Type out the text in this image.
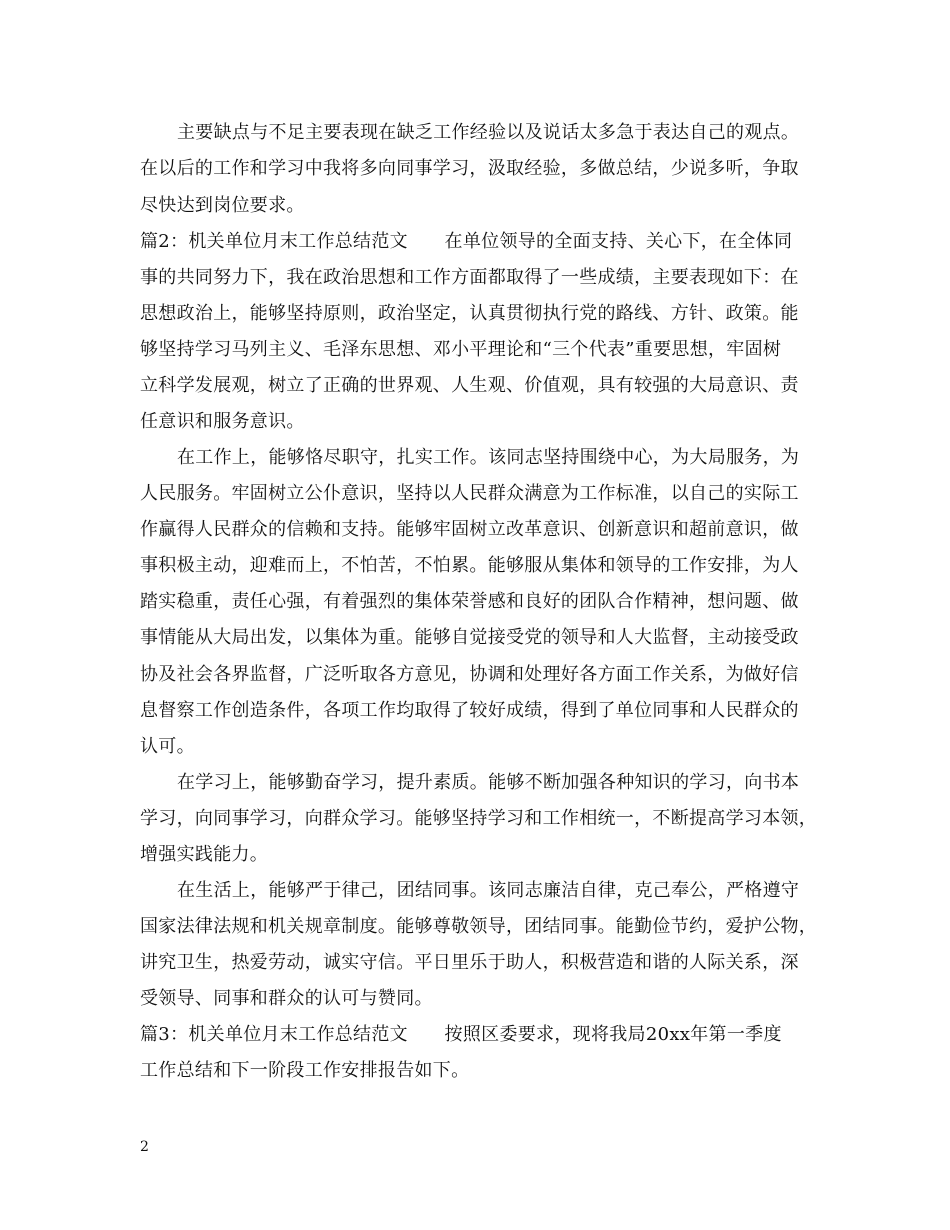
主要缺点与不足主要表现在缺乏工作经验以及说话太多急于表达自己的观点。
在以后的工作和学习中我将多向同事学习，汲取经验，多做总结，少说多听，争取
尽快达到岗位要求。
篇2：机关单位月末工作总结范文　　在单位领导的全面支持、关心下，在全体同
事的共同努力下，我在政治思想和工作方面都取得了一些成绩，主要表现如下：在
思想政治上，能够坚持原则，政治坚定，认真贯彻执行党的路线、方针、政策。能
够坚持学习马列主义、毛泽东思想、邓小平理论和“三个代表”重要思想，牢固树
立科学发展观，树立了正确的世界观、人生观、价值观，具有较强的大局意识、责
任意识和服务意识。
在工作上，能够恪尽职守，扎实工作。该同志坚持围绕中心，为大局服务，为
人民服务。牢固树立公仆意识，坚持以人民群众满意为工作标准，以自己的实际工
作赢得人民群众的信赖和支持。能够牢固树立改革意识、创新意识和超前意识，做
事积极主动，迎难而上，不怕苦，不怕累。能够服从集体和领导的工作安排，为人
踏实稳重，责任心强，有着强烈的集体荣誉感和良好的团队合作精神，想问题、做
事情能从大局出发，以集体为重。能够自觉接受党的领导和人大监督，主动接受政
协及社会各界监督，广泛听取各方意见，协调和处理好各方面工作关系，为做好信
息督察工作创造条件，各项工作均取得了较好成绩，得到了单位同事和人民群众的
认可。
在学习上，能够勤奋学习，提升素质。能够不断加强各种知识的学习，向书本
学习，向同事学习，向群众学习。能够坚持学习和工作相统一，不断提高学习本领，
增强实践能力。
在生活上，能够严于律己，团结同事。该同志廉洁自律，克己奉公，严格遵守
国家法律法规和机关规章制度。能够尊敬领导，团结同事。能勤俭节约，爱护公物，
讲究卫生，热爱劳动，诚实守信。平日里乐于助人，积极营造和谐的人际关系，深
受领导、同事和群众的认可与赞同。
篇3：机关单位月末工作总结范文　　按照区委要求，现将我局20xx年第一季度
工作总结和下一阶段工作安排报告如下。
2
